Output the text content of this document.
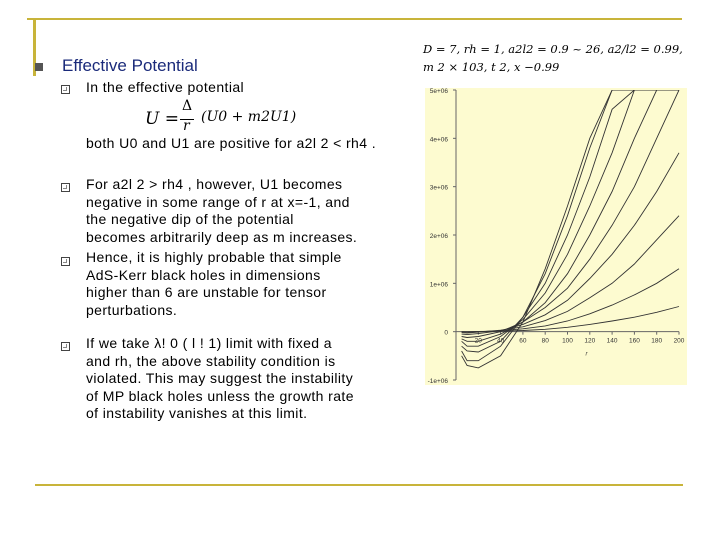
Effective Potential
In the effective potential
U =
Δ
r
(U0 + m2U1)
both U0 and U1 are positive for a2l 2 < rh4 .
For a2l 2 > rh4 , however, U1 becomes
negative in some range of r at x=-1, and
the negative dip of the potential
becomes arbitrarily deep as m increases.
Hence, it is highly probable that simple
AdS-Kerr black holes in dimensions
higher than 6 are unstable for tensor
perturbations.
If we take λ! 0 ( l ! 1) limit with fixed a
and rh, the above stability condition is
violated. This may suggest the instability
of MP black holes unless the growth rate
of instability vanishes at this limit.
D = 7, rh = 1, a2l2 = 0.9 ~ 26, a2/l2 = 0.99,
m 2 × 103, t 2, x −0.99
-1e+06
0
1e+06
2e+06
3e+06
4e+06
5e+06
20 40 60 80 100 120 140 160 180 200
r
